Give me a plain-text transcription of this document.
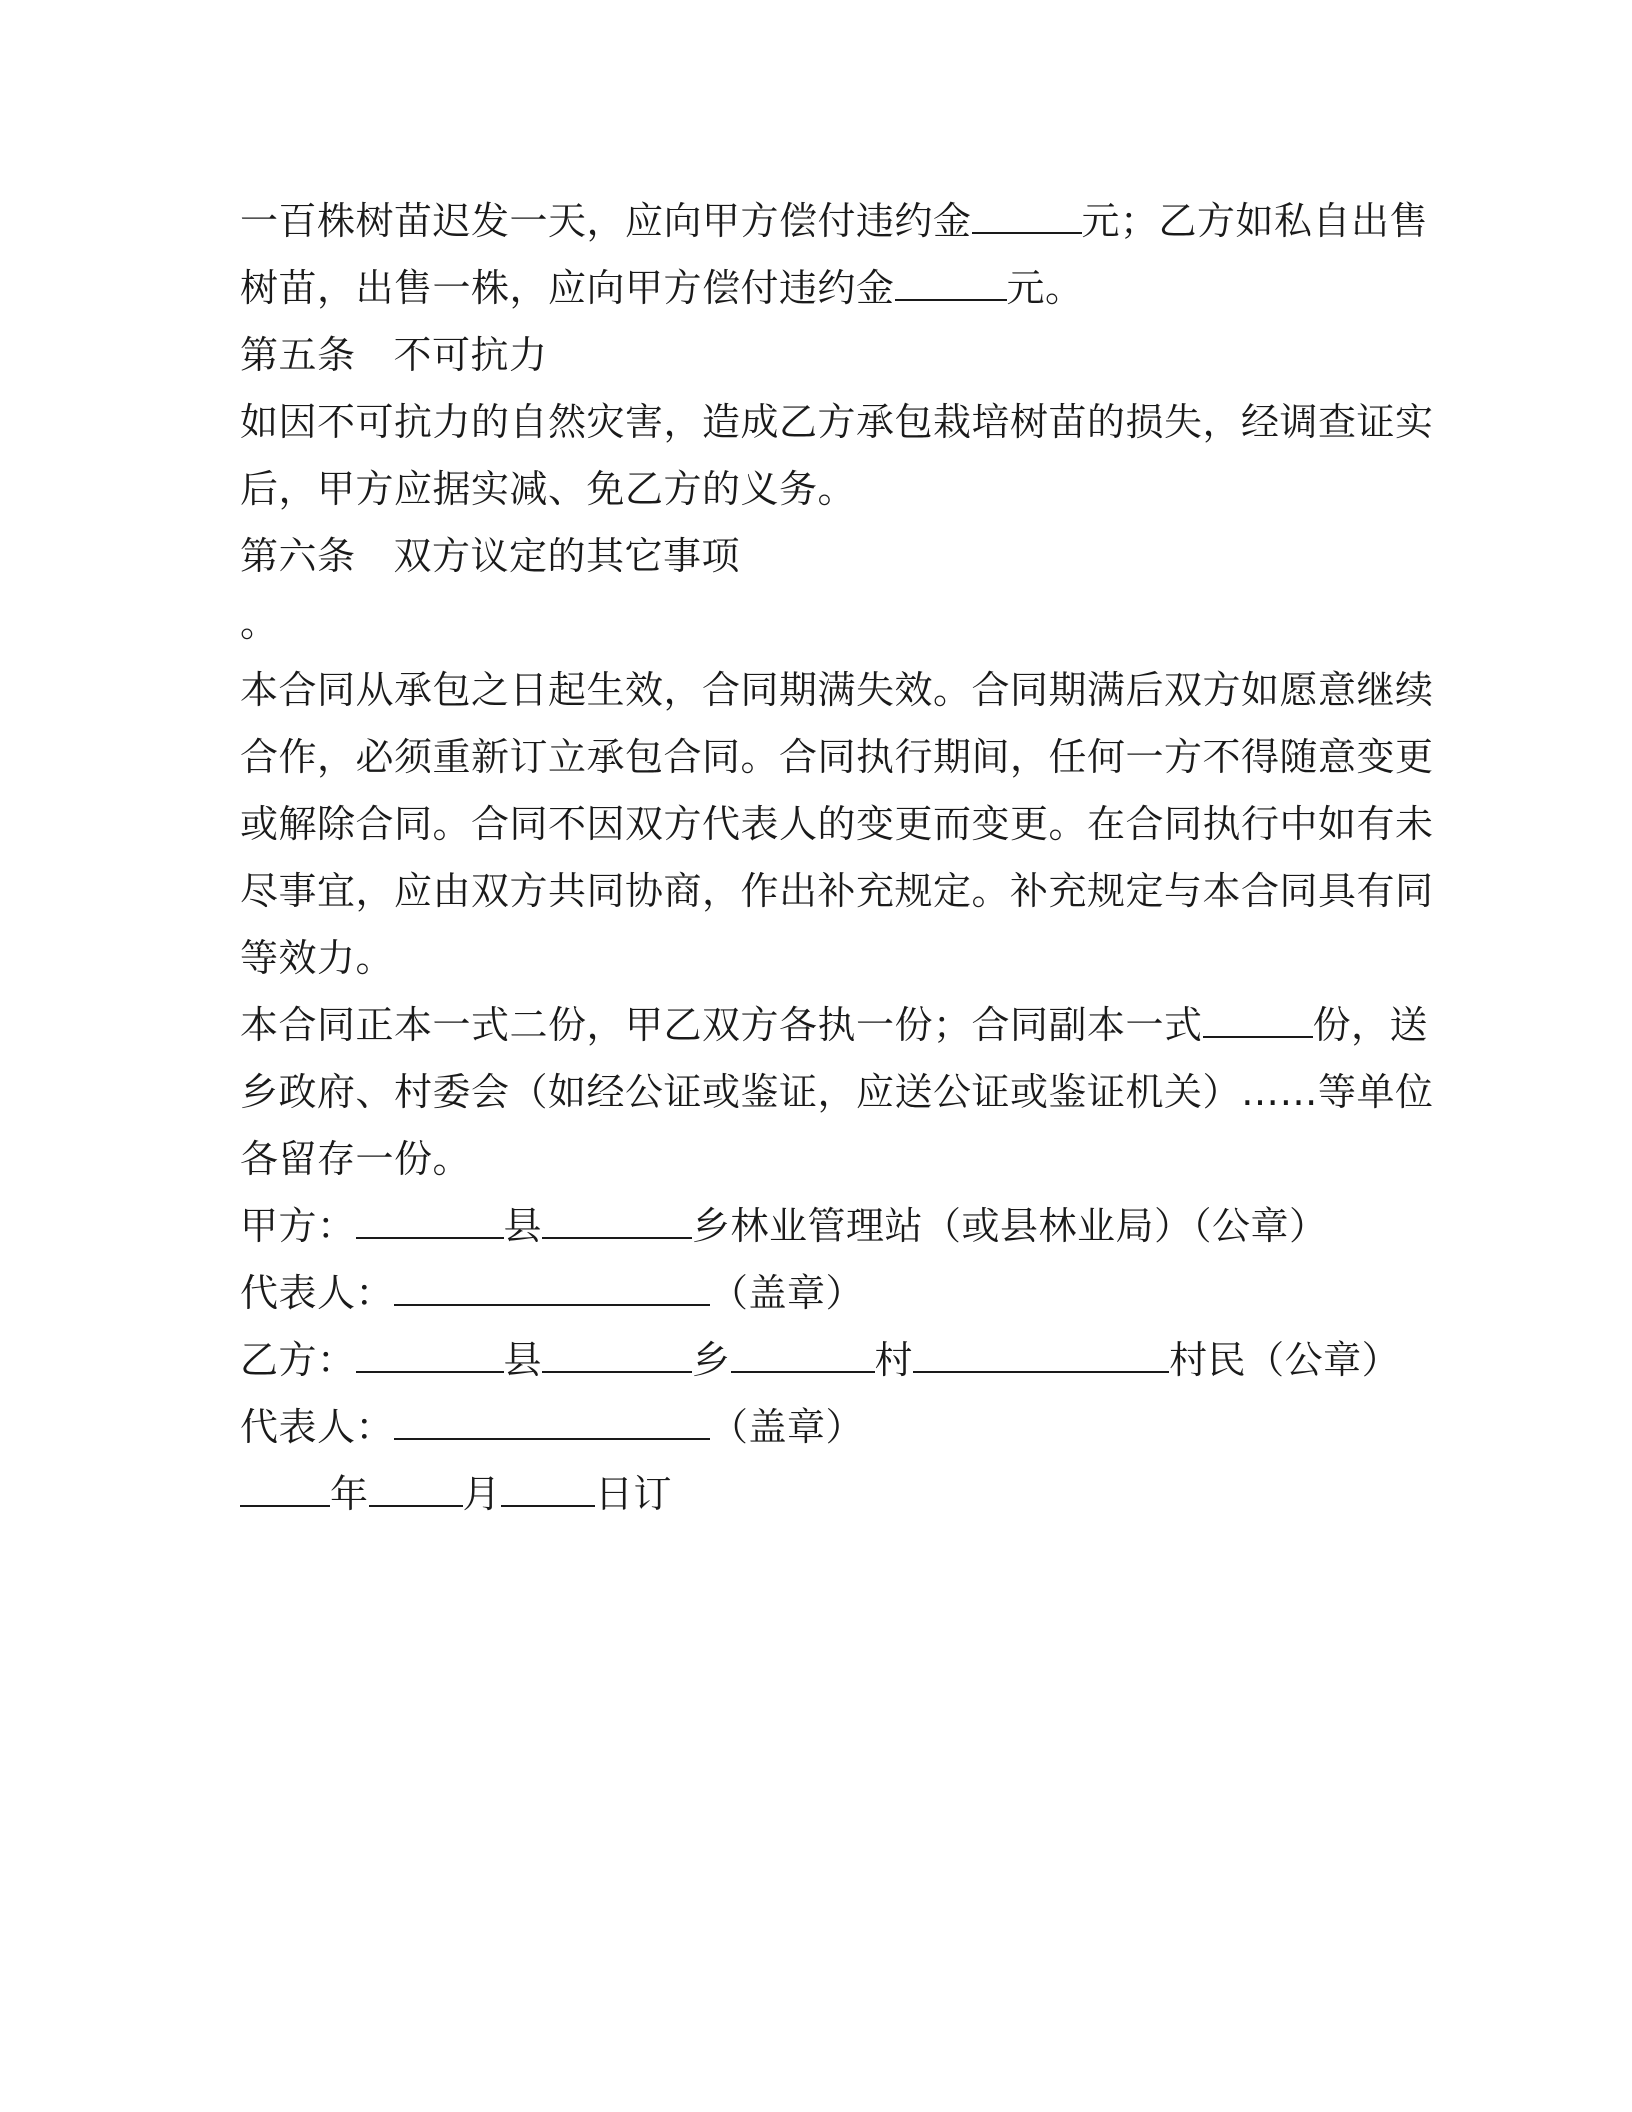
一百株树苗迟发一天，应向甲方偿付违约金	元；乙方如私自出售
树苗，出售一株，应向甲方偿付违约金	元。
第五条 不可抗力
如因不可抗力的自然灾害，造成乙方承包栽培树苗的损失，经调查证实
后，甲方应据实减、免乙方的义务。
第六条 双方议定的其它事项
。
本合同从承包之日起生效，合同期满失效。合同期满后双方如愿意继续
合作，必须重新订立承包合同。合同执行期间，任何一方不得随意变更
或解除合同。合同不因双方代表人的变更而变更。在合同执行中如有未
尽事宜，应由双方共同协商，作出补充规定。补充规定与本合同具有同
等效力。
本合同正本一式二份，甲乙双方各执一份；合同副本一式	份，送
乡政府、村委会（如经公证或鉴证，应送公证或鉴证机关）……等单位
各留存一份。
甲方：	县	乡林业管理站（或县林业局）（公章）
代表人：	（盖章）
乙方：	县	乡	村	村民（公章）
代表人：	（盖章）
年 月 日订
